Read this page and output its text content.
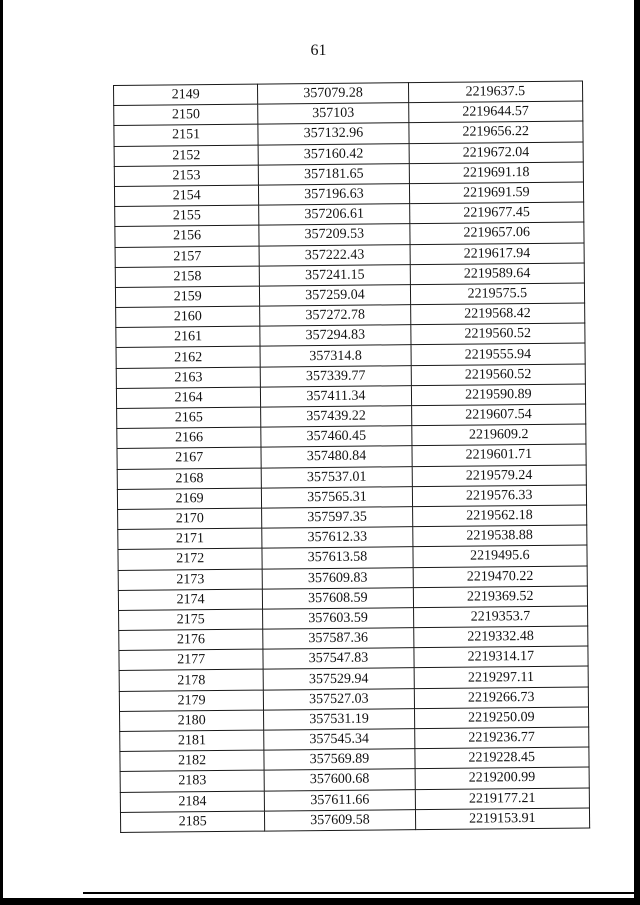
61
2149	357079.28	2219637.5
2150	357103	2219644.57
2151	357132.96	2219656.22
2152	357160.42	2219672.04
2153	357181.65	2219691.18
2154	357196.63	2219691.59
2155	357206.61	2219677.45
2156	357209.53	2219657.06
2157	357222.43	2219617.94
2158	357241.15	2219589.64
2159	357259.04	2219575.5
2160	357272.78	2219568.42
2161	357294.83	2219560.52
2162	357314.8	2219555.94
2163	357339.77	2219560.52
2164	357411.34	2219590.89
2165	357439.22	2219607.54
2166	357460.45	2219609.2
2167	357480.84	2219601.71
2168	357537.01	2219579.24
2169	357565.31	2219576.33
2170	357597.35	2219562.18
2171	357612.33	2219538.88
2172	357613.58	2219495.6
2173	357609.83	2219470.22
2174	357608.59	2219369.52
2175	357603.59	2219353.7
2176	357587.36	2219332.48
2177	357547.83	2219314.17
2178	357529.94	2219297.11
2179	357527.03	2219266.73
2180	357531.19	2219250.09
2181	357545.34	2219236.77
2182	357569.89	2219228.45
2183	357600.68	2219200.99
2184	357611.66	2219177.21
2185	357609.58	2219153.91
